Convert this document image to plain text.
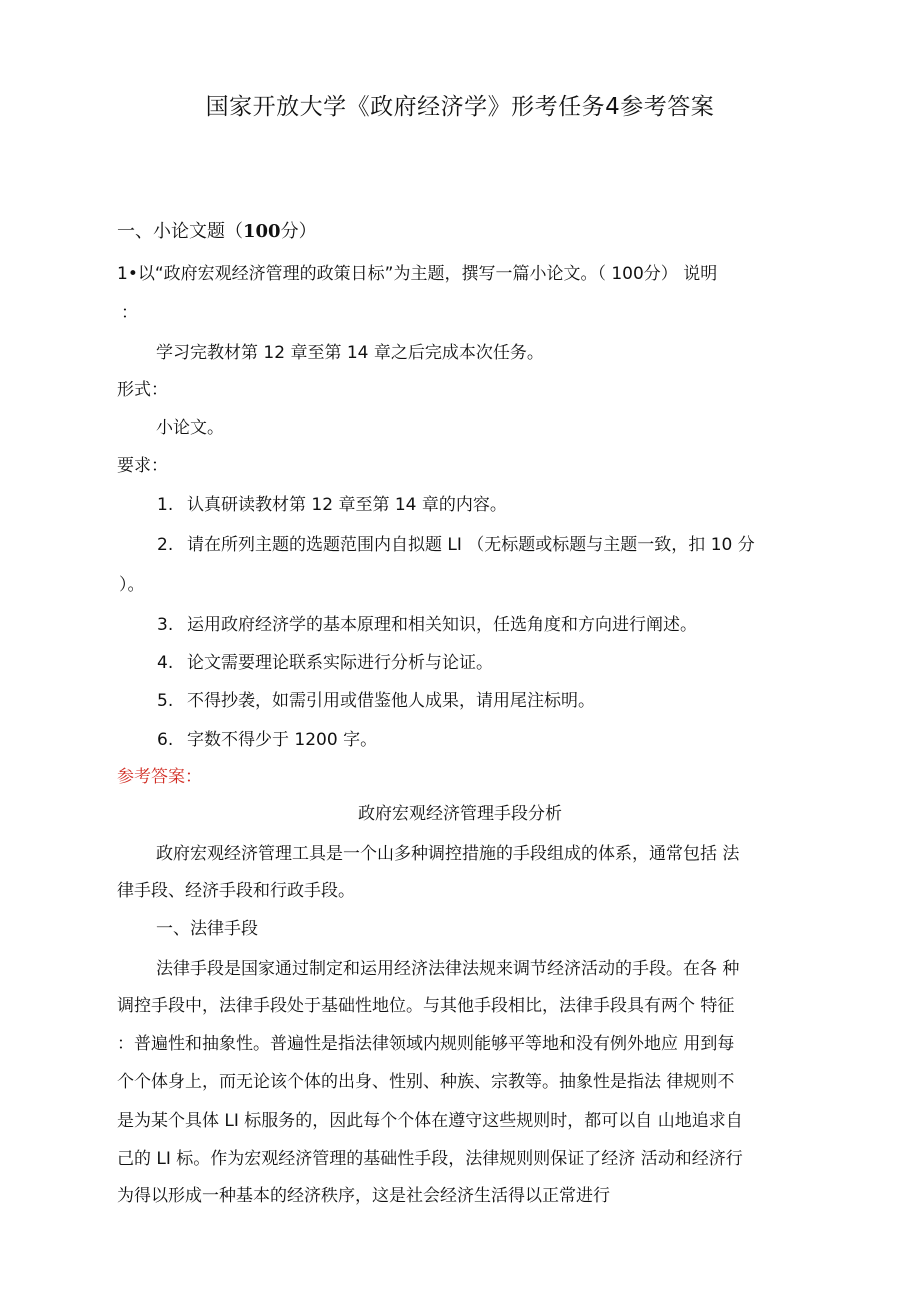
国家开放大学《政府经济学》形考任务4参考答案
一、小论文题（100分）
1•以“政府宏观经济管理的政策日标”为主题，撰写一篇小论文。（ 100分） 说明
：
学习完教材第 12 章至第 14 章之后完成本次任务。
形式：
小论文。
要求：
1. 认真研读教材第 12 章至第 14 章的内容。
2. 请在所列主题的选题范围内自拟题 LI （无标题或标题与主题一致，扣 10 分
）。
3. 运用政府经济学的基本原理和相关知识，任选角度和方向进行阐述。
4. 论文需要理论联系实际进行分析与论证。
5. 不得抄袭，如需引用或借鉴他人成果，请用尾注标明。
6. 字数不得少于 1200 字。
参考答案：
政府宏观经济管理手段分析
政府宏观经济管理工具是一个山多种调控措施的手段组成的体系，通常包括 法
律手段、经济手段和行政手段。
一、法律手段
法律手段是国家通过制定和运用经济法律法规来调节经济活动的手段。在各 种
调控手段中，法律手段处于基础性地位。与其他手段相比，法律手段具有两个 特征
：普遍性和抽象性。普遍性是指法律领域内规则能够平等地和没有例外地应 用到每
个个体身上，而无论该个体的出身、性别、种族、宗教等。抽象性是指法 律规则不
是为某个具体 LI 标服务的，因此每个个体在遵守这些规则时，都可以自 山地追求自
己的 LI 标。作为宏观经济管理的基础性手段，法律规则则保证了经济 活动和经济行
为得以形成一种基本的经济秩序，这是社会经济生活得以正常进行
